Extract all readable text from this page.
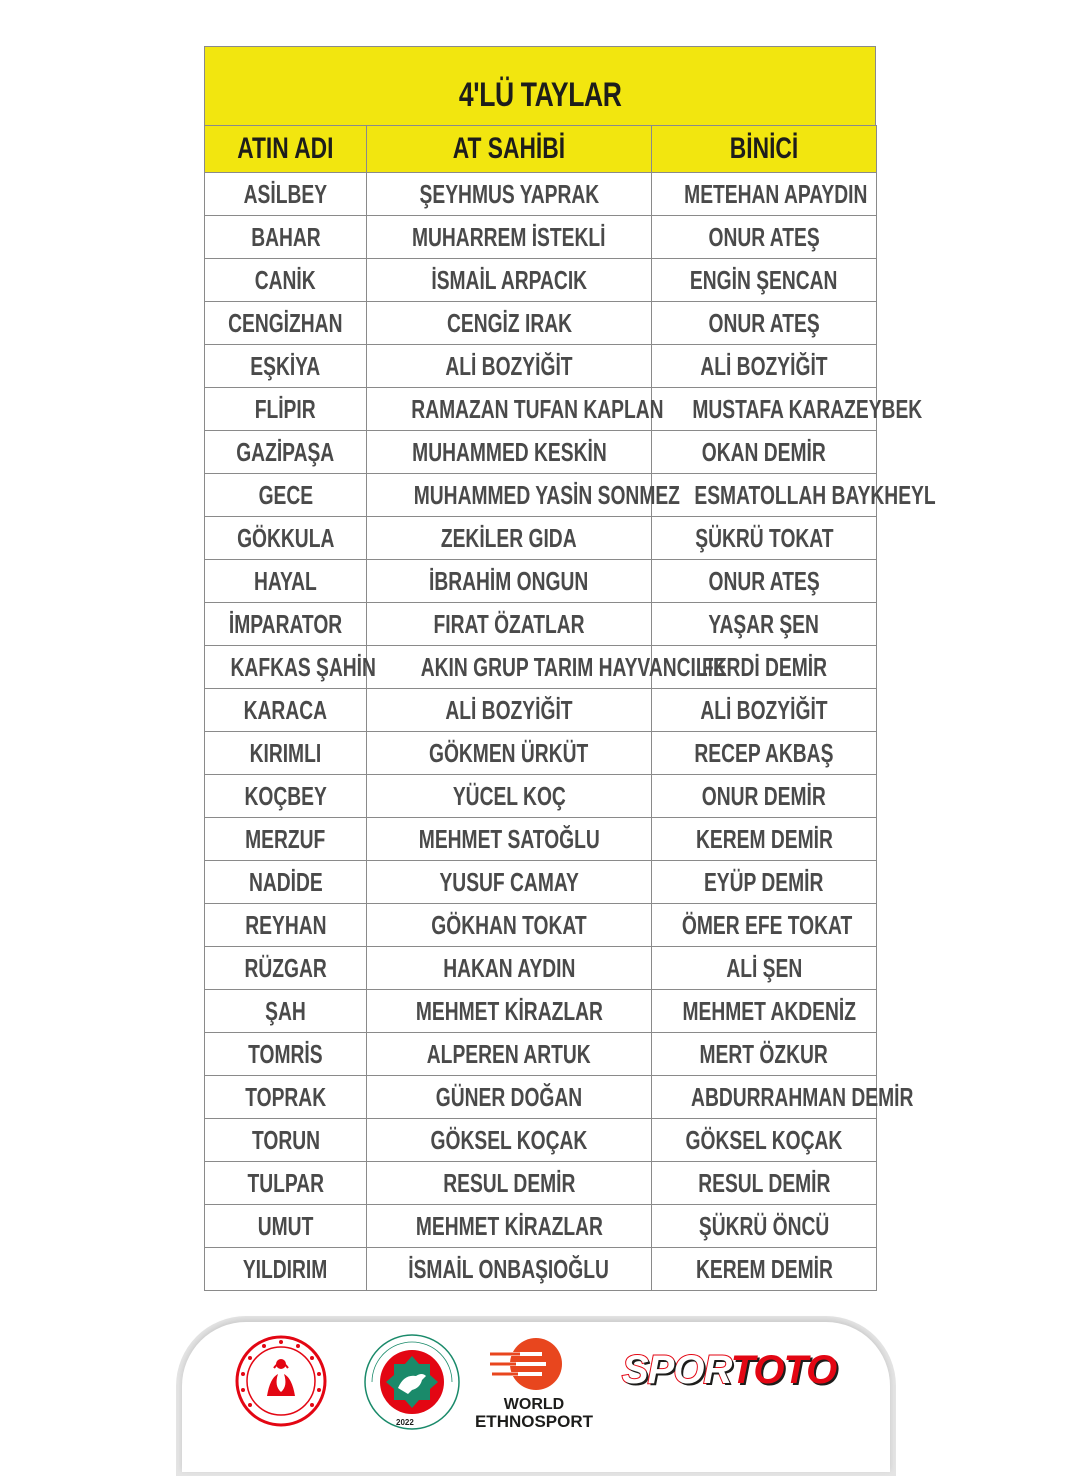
4'LÜ TAYLAR
ATIN ADI	AT SAHİBİ	BİNİCİ
ASİLBEY	ŞEYHMUS YAPRAK	METEHAN APAYDIN
BAHAR	MUHARREM İSTEKLİ	ONUR ATEŞ
CANİK	İSMAİL ARPACIK	ENGİN ŞENCAN
CENGİZHAN	CENGİZ IRAK	ONUR ATEŞ
EŞKİYA	ALİ BOZYİĞİT	ALİ BOZYİĞİT
FLİPIR	RAMAZAN TUFAN KAPLAN	MUSTAFA KARAZEYBEK
GAZİPAŞA	MUHAMMED KESKİN	OKAN DEMİR
GECE	MUHAMMED YASİN SONMEZ	ESMATOLLAH BAYKHEYL
GÖKKULA	ZEKİLER GIDA	ŞÜKRÜ TOKAT
HAYAL	İBRAHİM ONGUN	ONUR ATEŞ
İMPARATOR	FIRAT ÖZATLAR	YAŞAR ŞEN
KAFKAS ŞAHİN	AKIN GRUP TARIM HAYVANCILIK	FERDİ DEMİR
KARACA	ALİ BOZYİĞİT	ALİ BOZYİĞİT
KIRIMLI	GÖKMEN ÜRKÜT	RECEP AKBAŞ
KOÇBEY	YÜCEL KOÇ	ONUR DEMİR
MERZUF	MEHMET SATOĞLU	KEREM DEMİR
NADİDE	YUSUF CAMAY	EYÜP DEMİR
REYHAN	GÖKHAN TOKAT	ÖMER EFE TOKAT
RÜZGAR	HAKAN AYDIN	ALİ ŞEN
ŞAH	MEHMET KİRAZLAR	MEHMET AKDENİZ
TOMRİS	ALPEREN ARTUK	MERT ÖZKUR
TOPRAK	GÜNER DOĞAN	ABDURRAHMAN DEMİR
TORUN	GÖKSEL KOÇAK	GÖKSEL KOÇAK
TULPAR	RESUL DEMİR	RESUL DEMİR
UMUT	MEHMET KİRAZLAR	ŞÜKRÜ ÖNCÜ
YILDIRIM	İSMAİL ONBAŞIOĞLU	KEREM DEMİR
2022
WORLD
ETHNOSPORT
SPORTOTO
